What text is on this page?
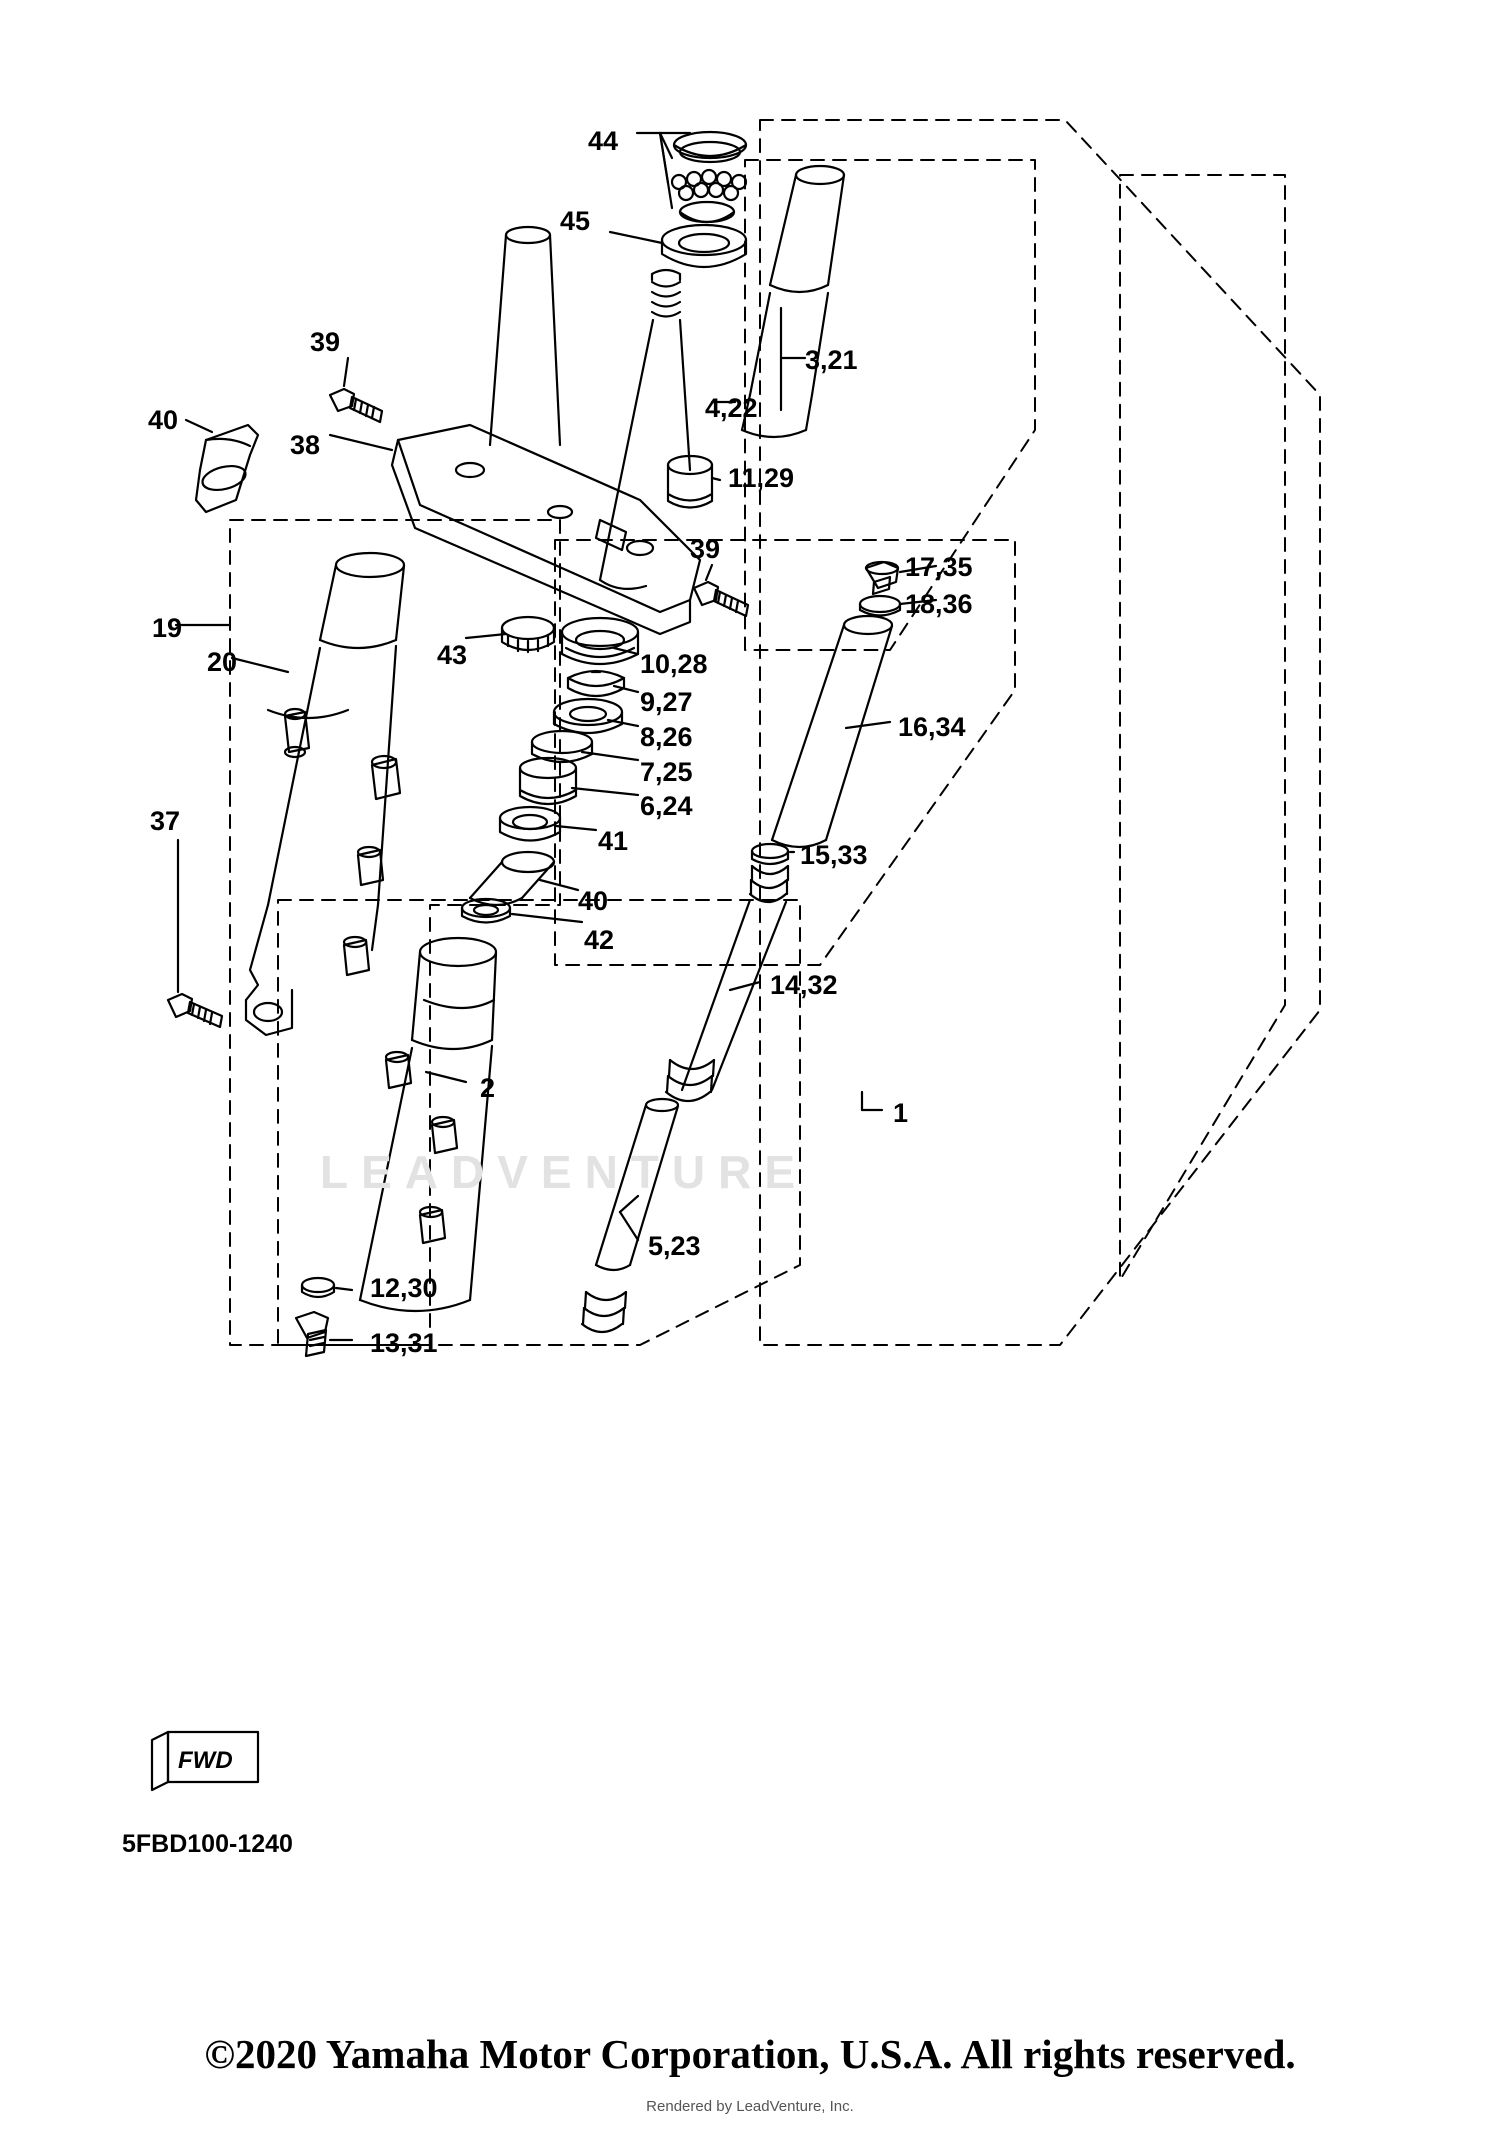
LEADVENTURE
FWD
5FBD100-1240
44
45
3,21
39
4,22
40
38
11,29
39
17,35
18,36
19
20	43	10,28
9,27
8,26	16,34
7,25
6,24
41
37
15,33
40
42
14,32
2
1
5,23
12,30
13,31
©2020 Yamaha Motor Corporation, U.S.A. All rights reserved.
Rendered by LeadVenture, Inc.
